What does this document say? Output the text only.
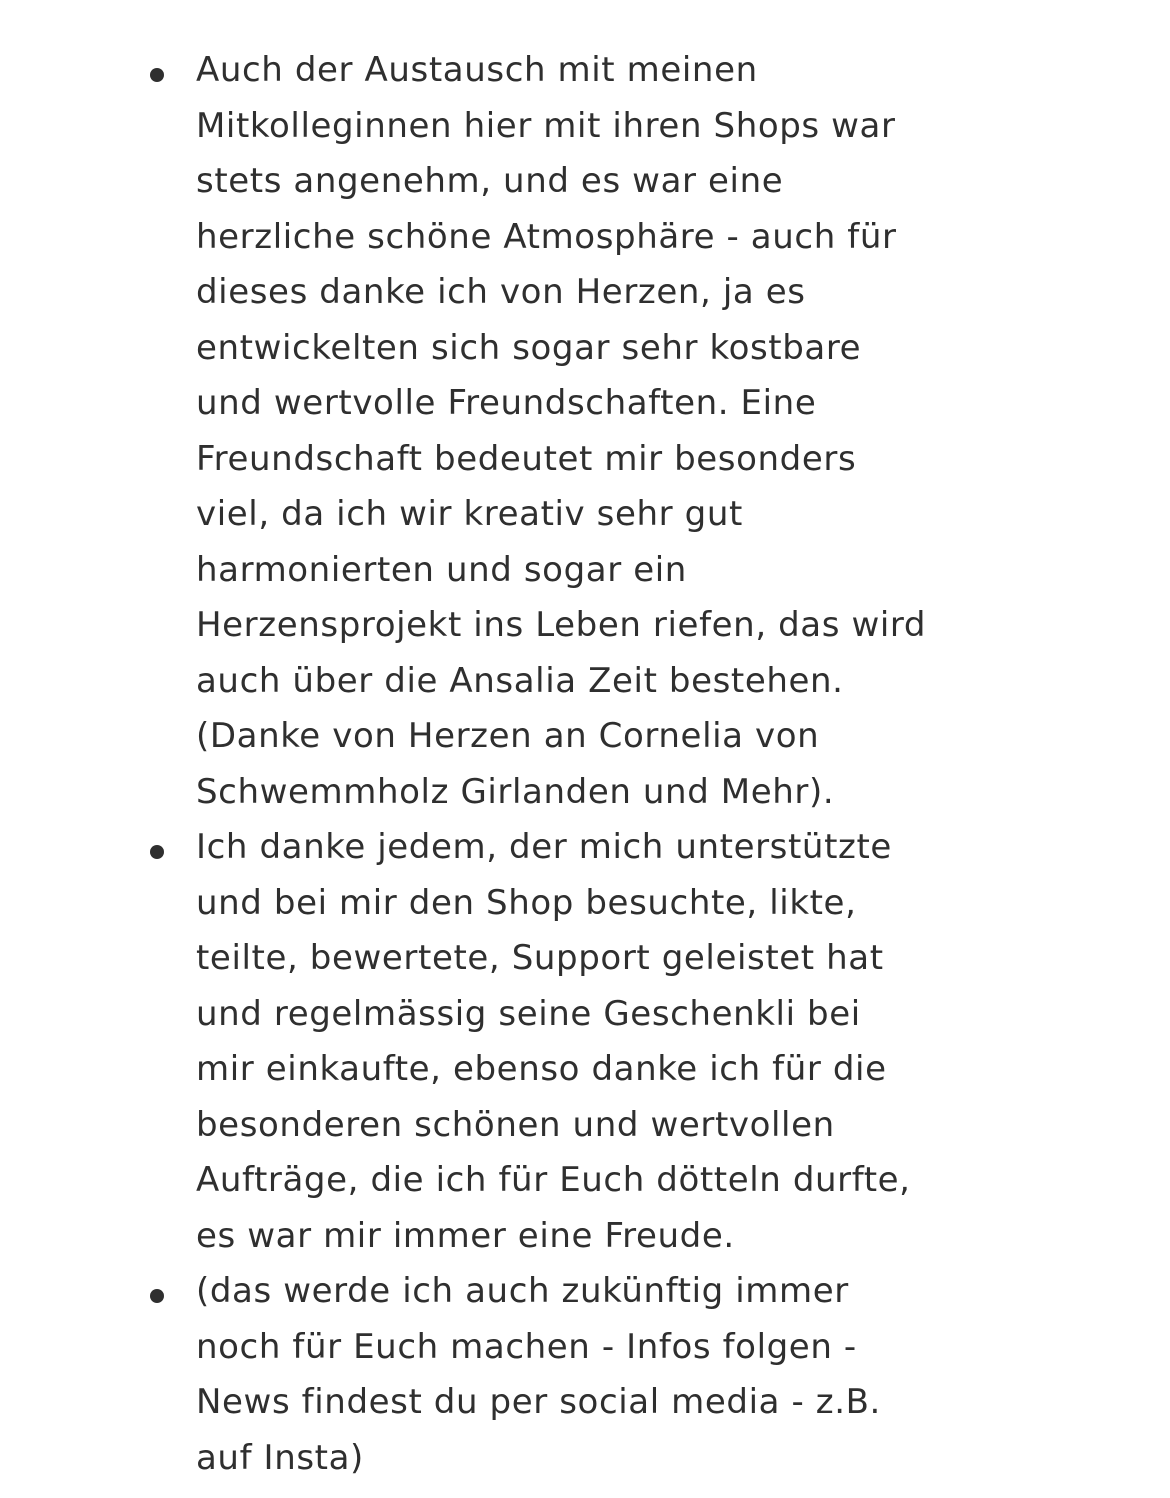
Auch der Austausch mit meinen
Mitkolleginnen hier mit ihren Shops war
stets angenehm, und es war eine
herzliche schöne Atmosphäre - auch für
dieses danke ich von Herzen, ja es
entwickelten sich sogar sehr kostbare
und wertvolle Freundschaften. Eine
Freundschaft bedeutet mir besonders
viel, da ich wir kreativ sehr gut
harmonierten und sogar ein
Herzensprojekt ins Leben riefen, das wird
auch über die Ansalia Zeit bestehen.
(Danke von Herzen an Cornelia von
Schwemmholz Girlanden und Mehr).
Ich danke jedem, der mich unterstützte
und bei mir den Shop besuchte, likte,
teilte, bewertete, Support geleistet hat
und regelmässig seine Geschenkli bei
mir einkaufte, ebenso danke ich für die
besonderen schönen und wertvollen
Aufträge, die ich für Euch dötteln durfte,
es war mir immer eine Freude.
(das werde ich auch zukünftig immer
noch für Euch machen - Infos folgen -
News findest du per social media - z.B.
auf Insta)
